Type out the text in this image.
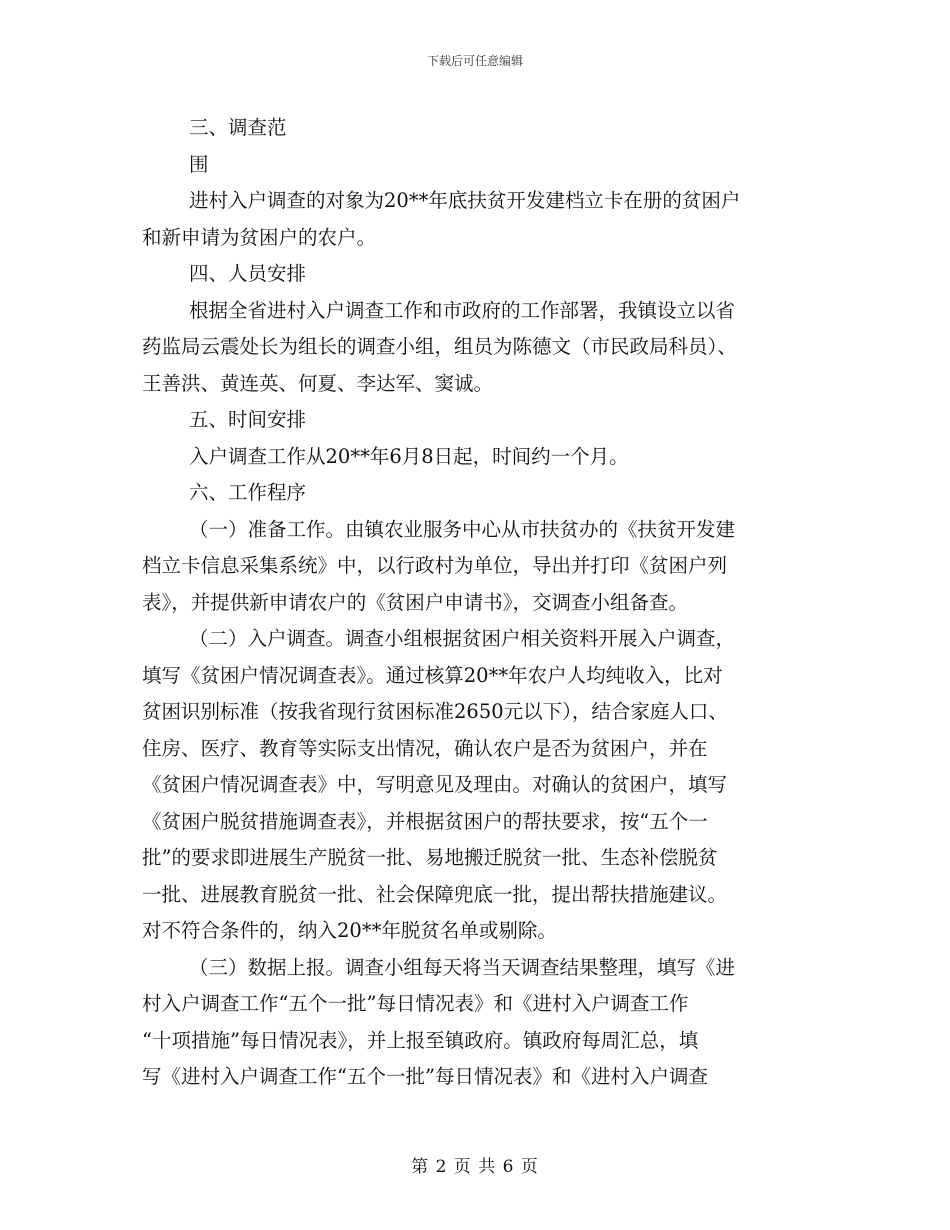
下载后可任意编辑
三、调查范
围
进村入户调查的对象为20**年底扶贫开发建档立卡在册的贫困户
和新申请为贫困户的农户。
四、人员安排
根据全省进村入户调查工作和市政府的工作部署，我镇设立以省
药监局云震处长为组长的调查小组，组员为陈德文（市民政局科员）、
王善洪、黄连英、何夏、李达军、窦诚。
五、时间安排
入户调查工作从20**年6月8日起，时间约一个月。
六、工作程序
（一）准备工作。由镇农业服务中心从市扶贫办的《扶贫开发建
档立卡信息采集系统》中，以行政村为单位，导出并打印《贫困户列
表》，并提供新申请农户的《贫困户申请书》，交调查小组备查。
（二）入户调查。调查小组根据贫困户相关资料开展入户调查，
填写《贫困户情况调查表》。通过核算20**年农户人均纯收入，比对
贫困识别标准（按我省现行贫困标准2650元以下），结合家庭人口、
住房、医疗、教育等实际支出情况，确认农户是否为贫困户，并在
《贫困户情况调查表》中，写明意见及理由。对确认的贫困户，填写
《贫困户脱贫措施调查表》，并根据贫困户的帮扶要求，按“五个一
批”的要求即进展生产脱贫一批、易地搬迁脱贫一批、生态补偿脱贫
一批、进展教育脱贫一批、社会保障兜底一批，提出帮扶措施建议。
对不符合条件的，纳入20**年脱贫名单或剔除。
（三）数据上报。调查小组每天将当天调查结果整理，填写《进
村入户调查工作“五个一批”每日情况表》和《进村入户调查工作
“十项措施”每日情况表》，并上报至镇政府。镇政府每周汇总，填
写《进村入户调查工作“五个一批”每日情况表》和《进村入户调查
第 2 页 共 6 页
